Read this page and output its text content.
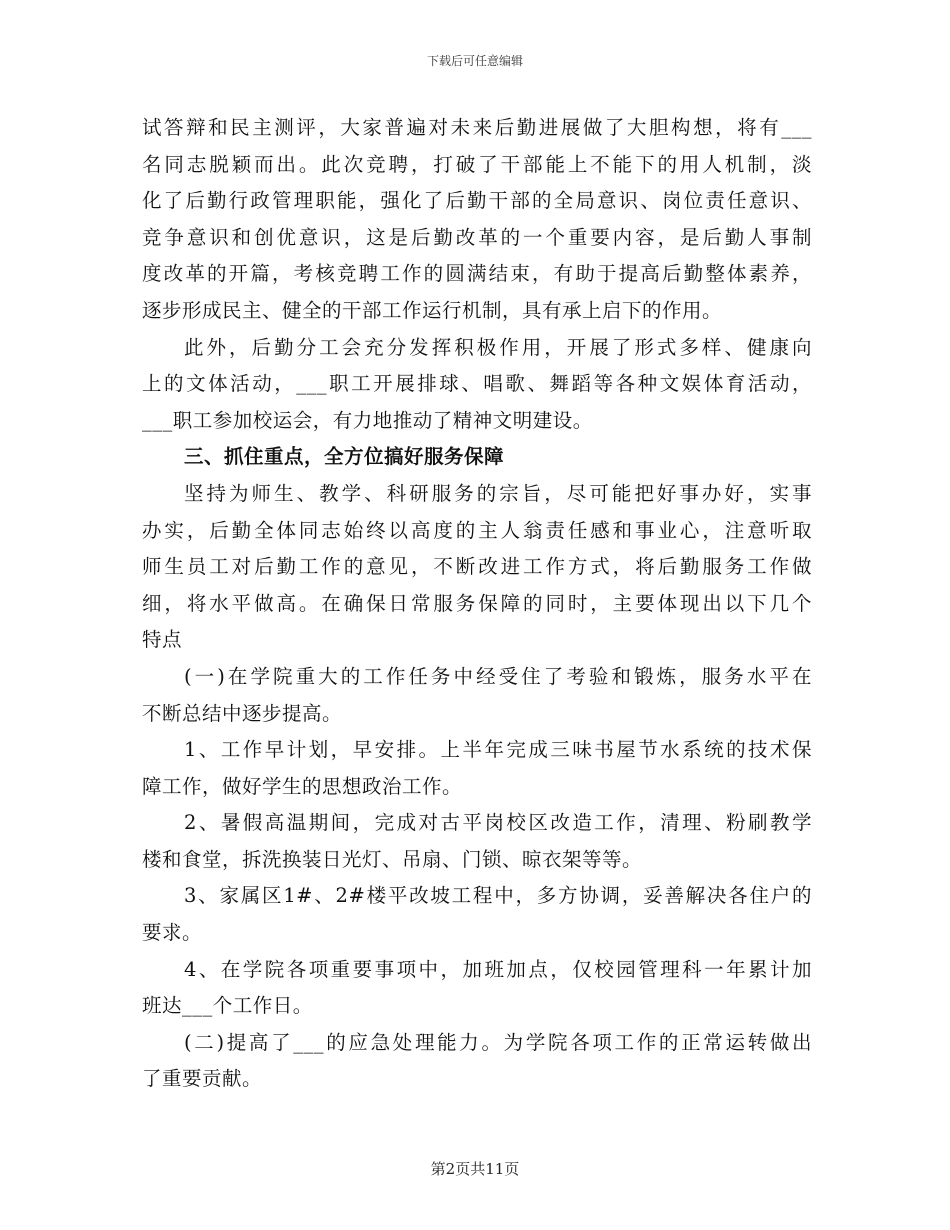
下载后可任意编辑
试答辩和民主测评，大家普遍对未来后勤进展做了大胆构想，将有___
名同志脱颖而出。此次竞聘，打破了干部能上不能下的用人机制，淡
化了后勤行政管理职能，强化了后勤干部的全局意识、岗位责任意识、
竞争意识和创优意识，这是后勤改革的一个重要内容，是后勤人事制
度改革的开篇，考核竞聘工作的圆满结束，有助于提高后勤整体素养，
逐步形成民主、健全的干部工作运行机制，具有承上启下的作用。
此外，后勤分工会充分发挥积极作用，开展了形式多样、健康向
上的文体活动，___职工开展排球、唱歌、舞蹈等各种文娱体育活动，
___职工参加校运会，有力地推动了精神文明建设。
三、抓住重点，全方位搞好服务保障
坚持为师生、教学、科研服务的宗旨，尽可能把好事办好，实事
办实，后勤全体同志始终以高度的主人翁责任感和事业心，注意听取
师生员工对后勤工作的意见，不断改进工作方式，将后勤服务工作做
细，将水平做高。在确保日常服务保障的同时，主要体现出以下几个
特点
(一)在学院重大的工作任务中经受住了考验和锻炼，服务水平在
不断总结中逐步提高。
1、工作早计划，早安排。上半年完成三味书屋节水系统的技术保
障工作，做好学生的思想政治工作。
2、暑假高温期间，完成对古平岗校区改造工作，清理、粉刷教学
楼和食堂，拆洗换装日光灯、吊扇、门锁、晾衣架等等。
3、家属区1#、2#楼平改坡工程中，多方协调，妥善解决各住户的
要求。
4、在学院各项重要事项中，加班加点，仅校园管理科一年累计加
班达___个工作日。
(二)提高了___的应急处理能力。为学院各项工作的正常运转做出
了重要贡献。
第2页共11页
